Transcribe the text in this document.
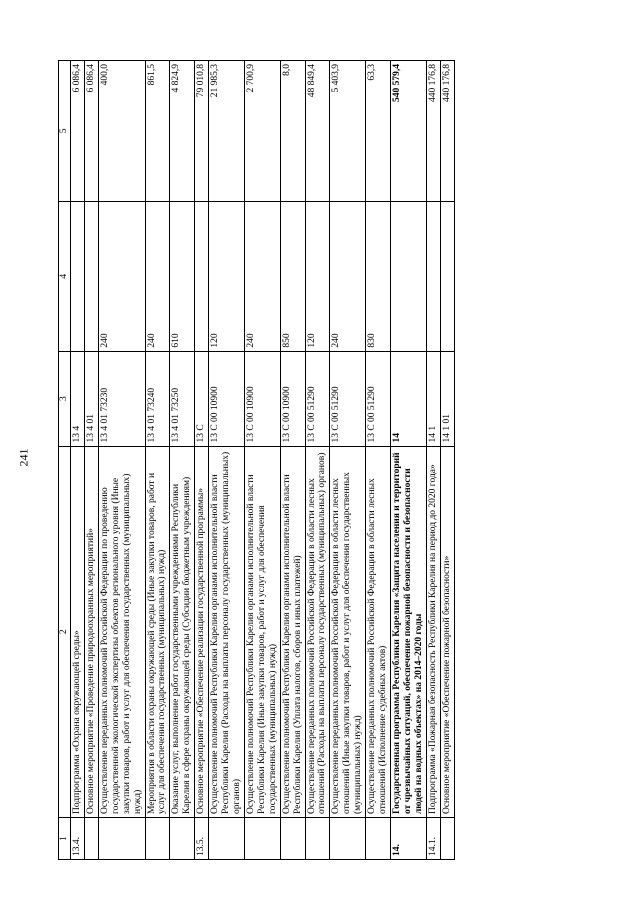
241
1	2	3	4	5
13.4.	Подпрограмма «Охрана окружающей среды»	13 4		6 086,4
	Основное мероприятие «Проведение природоохранных мероприятий»	13 4 01		6 086,4
	Осуществление переданных полномочий Российской Федерации по проведению государственной экологической экспертизы объектов регионального уровня (Иные закупки товаров, работ и услуг для обеспечения государственных (муниципальных) нужд)	13 4 01 73230	240	400,0
	Мероприятия в области охраны окружающей среды (Иные закупки товаров, работ и услуг для обеспечения государственных (муниципальных) нужд)	13 4 01 73240	240	861,5
	Оказание услуг, выполнение работ государственными учреждениями Республики Карелия в сфере охраны окружающей среды (Субсидии бюджетным учреждениям)	13 4 01 73250	610	4 824,9
13.5.	Основное мероприятие «Обеспечение реализации государственной программы»	13 С		79 010,8
	Осуществление полномочий Республики Карелия органами исполнительной власти Республики Карелия (Расходы на выплаты персоналу государственных (муниципальных) органов)	13 С 00 10900	120	21 985,3
	Осуществление полномочий Республики Карелия органами исполнительной власти Республики Карелия (Иные закупки товаров, работ и услуг для обеспечения государственных (муниципальных) нужд)	13 С 00 10900	240	2 700,9
	Осуществление полномочий Республики Карелия органами исполнительной власти Республики Карелия (Уплата налогов, сборов и иных платежей)	13 С 00 10900	850	8,0
	Осуществление переданных полномочий Российской Федерации в области лесных отношений (Расходы на выплаты персоналу государственных (муниципальных) органов)	13 С 00 51290	120	48 849,4
	Осуществление переданных полномочий Российской Федерации в области лесных отношений (Иные закупки товаров, работ и услуг для обеспечения государственных (муниципальных) нужд)	13 С 00 51290	240	5 403,9
	Осуществление переданных полномочий Российской Федерации в области лесных отношений (Исполнение судебных актов)	13 С 00 51290	830	63,3
14.	Государственная программа Республики Карелия «Защита населения и территорий от чрезвычайных ситуаций, обеспечение пожарной безопасности и безопасности людей на водных объектах» на 2014–2020 годы	14		540 579,4
14.1.	Подпрограмма «Пожарная безопасность Республики Карелия на период до 2020 года»	14 1		440 176,8
	Основное мероприятие «Обеспечение пожарной безопасности»	14 1 01		440 176,8
